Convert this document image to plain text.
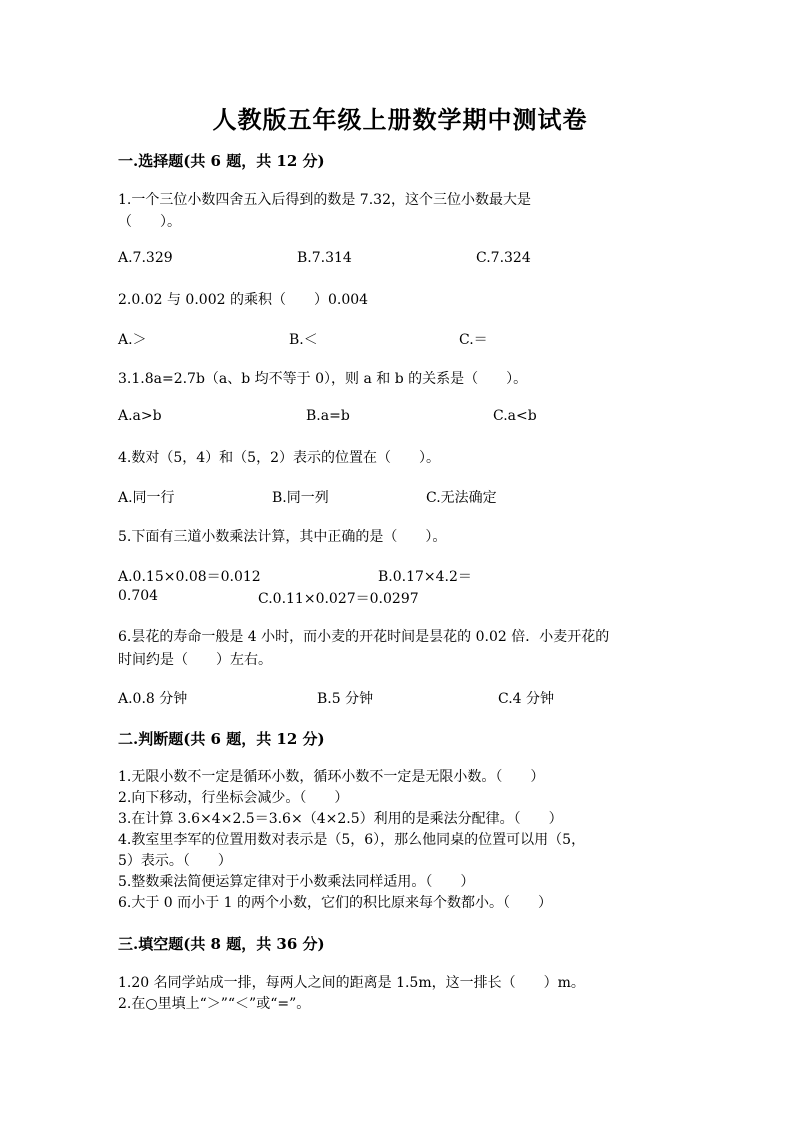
人教版五年级上册数学期中测试卷
一.选择题(共 6 题，共 12 分)
1.一个三位小数四舍五入后得到的数是 7.32，这个三位小数最大是
（　　）。
A.7.329	B.7.314	C.7.324
2.0.02 与 0.002 的乘积（　　）0.004
A.＞	B.＜	C.＝
3.1.8a=2.7b（a、b 均不等于 0），则 a 和 b 的关系是（　　）。
A.a>b	B.a=b	C.a<b
4.数对（5，4）和（5，2）表示的位置在（　　）。
A.同一行	B.同一列	C.无法确定
5.下面有三道小数乘法计算，其中正确的是（　　）。
A.0.15×0.08＝0.012	B.0.17×4.2＝
0.704	C.0.11×0.027＝0.0297
6.昙花的寿命一般是 4 小时，而小麦的开花时间是昙花的 0.02 倍．小麦开花的
时间约是（　　）左右。
A.0.8 分钟	B.5 分钟	C.4 分钟
二.判断题(共 6 题，共 12 分)
1.无限小数不一定是循环小数，循环小数不一定是无限小数。（　　）
2.向下移动，行坐标会减少。（　　）
3.在计算 3.6×4×2.5＝3.6×（4×2.5）利用的是乘法分配律。（　　）
4.教室里李军的位置用数对表示是（5，6），那么他同桌的位置可以用（5，
5）表示。（　　）
5.整数乘法简便运算定律对于小数乘法同样适用。（　　）
6.大于 0 而小于 1 的两个小数，它们的积比原来每个数都小。（　　）
三.填空题(共 8 题，共 36 分)
1.20 名同学站成一排，每两人之间的距离是 1.5m，这一排长（　　）m。
2.在○里填上“＞”“＜”或“=”。
